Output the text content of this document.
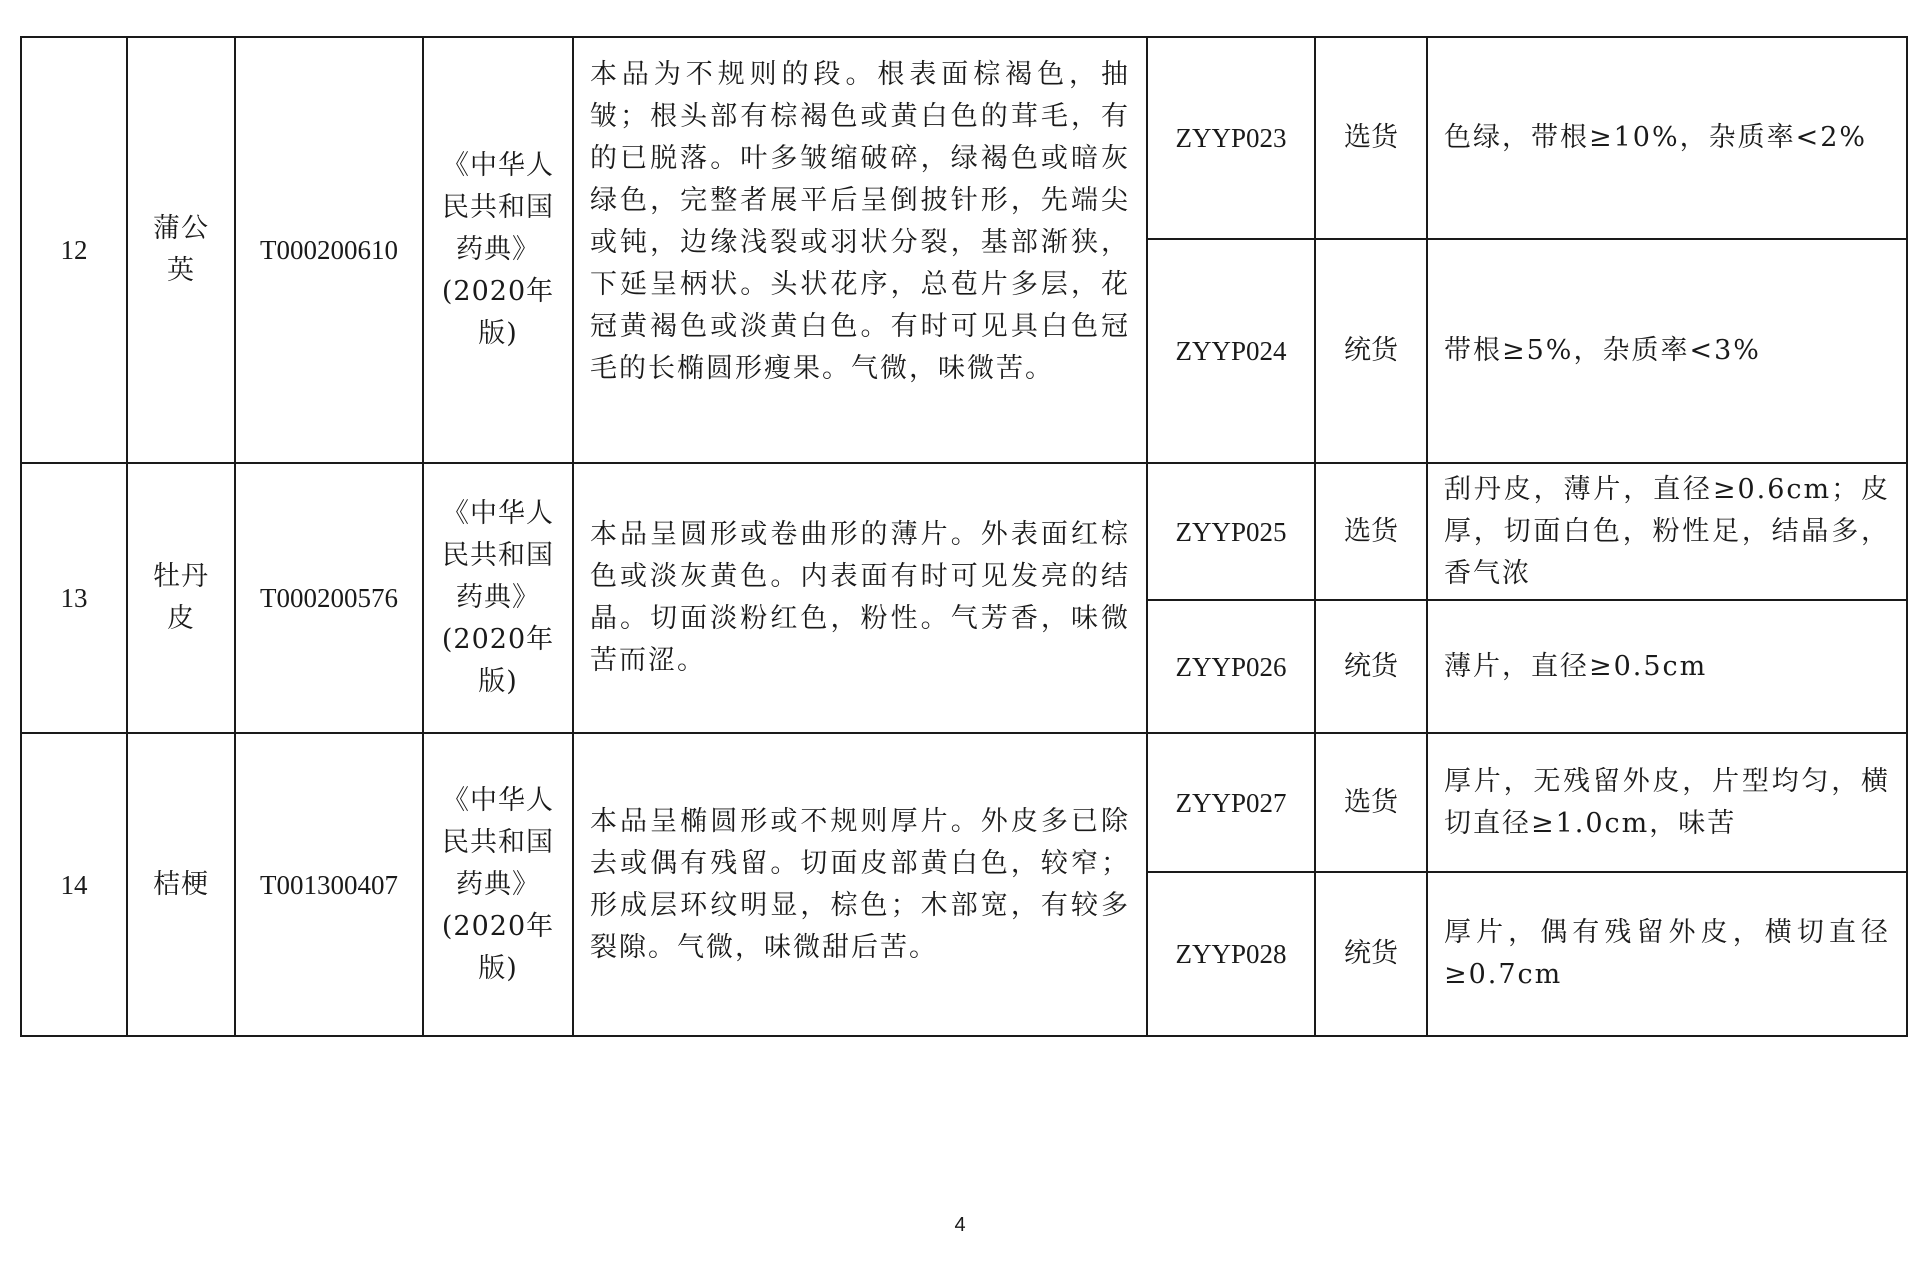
12	蒲公英	T000200610	《中华人民共和国药典》(2020年版)	本品为不规则的段。根表面棕褐色，抽皱；根头部有棕褐色或黄白色的茸毛，有的已脱落。叶多皱缩破碎，绿褐色或暗灰绿色，完整者展平后呈倒披针形，先端尖或钝，边缘浅裂或羽状分裂，基部渐狭，下延呈柄状。头状花序，总苞片多层，花冠黄褐色或淡黄白色。有时可见具白色冠毛的长椭圆形瘦果。气微，味微苦。	ZYYP023	选货	色绿，带根≥10%，杂质率<2%
					ZYYP024	统货	带根≥5%，杂质率<3%
13	牡丹皮	T000200576	《中华人民共和国药典》(2020年版)	本品呈圆形或卷曲形的薄片。外表面红棕色或淡灰黄色。内表面有时可见发亮的结晶。切面淡粉红色，粉性。气芳香，味微苦而涩。	ZYYP025	选货	刮丹皮，薄片，直径≥0.6cm；皮厚，切面白色，粉性足，结晶多，香气浓
					ZYYP026	统货	薄片，直径≥0.5cm
14	桔梗	T001300407	《中华人民共和国药典》(2020年版)	本品呈椭圆形或不规则厚片。外皮多已除去或偶有残留。切面皮部黄白色，较窄；形成层环纹明显，棕色；木部宽，有较多裂隙。气微，味微甜后苦。	ZYYP027	选货	厚片，无残留外皮，片型均匀，横切直径≥1.0cm，味苦
					ZYYP028	统货	厚片，偶有残留外皮，横切直径≥0.7cm
4
